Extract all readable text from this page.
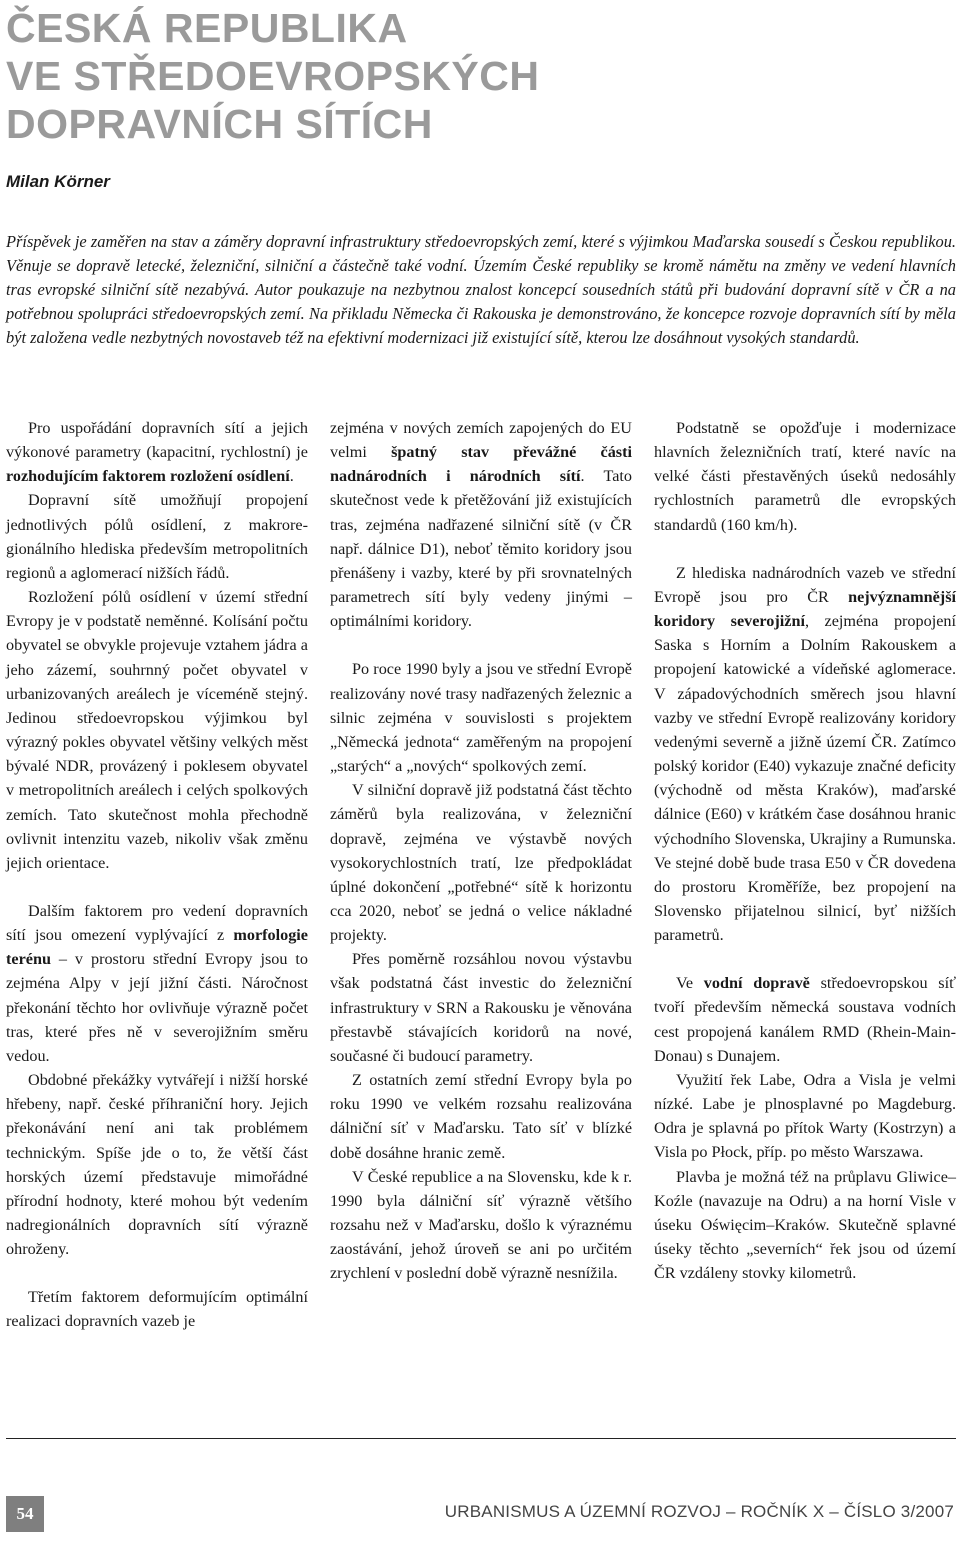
ČESKÁ REPUBLIKA
VE STŘEDOEVROPSKÝCH
DOPRAVNÍCH SÍTÍCH
Milan Körner

Příspěvek je zaměřen na stav a záměry dopravní infrastruktury středoevropských zemí, které s výjimkou Maďarska sousedí s Českou republikou. Věnuje se dopravě letecké, železniční, silniční a částečně také vodní. Územím České republiky se kromě námětu na změny ve vedení hlavních tras evropské silniční sítě nezabývá. Autor poukazuje na nezbytnou znalost koncepcí sousedních států při budování dopravní sítě v ČR a na potřebnou spolupráci středoevropských zemí. Na přikladu Německa či Rakouska je demonstrováno, že koncepce rozvoje dopravních sítí by měla být založena vedle nezbytných novostaveb též na efektivní modernizaci již existující sítě, kterou lze dosáhnout vysokých standardů.

Pro uspořádání dopravních sítí a jejich výkonové parametry (kapacitní, rychlostní) je rozhodujícím faktorem rozložení osídlení.

Dopravní sítě umožňují propojení jednotlivých pólů osídlení, z makroregionálního hlediska především metropolitních regionů a aglomerací nižších řádů.

Rozložení pólů osídlení v území střední Evropy je v podstatě neměnné. Kolísání počtu obyvatel se obvykle projevuje vztahem jádra a jeho zázemí, souhrnný počet obyvatel v urbanizovaných areálech je víceméně stejný. Jedinou středoevropskou výjimkou byl výrazný pokles obyvatel většiny velkých měst bývalé NDR, provázený i poklesem obyvatel v metropolitních areálech i celých spolkových zemích. Tato skutečnost mohla přechodně ovlivnit intenzitu vazeb, nikoliv však změnu jejich orientace.

Dalším faktorem pro vedení dopravních sítí jsou omezení vyplývající z morfologie terénu – v prostoru střední Evropy jsou to zejména Alpy v její jižní části. Náročnost překonání těchto hor ovlivňuje výrazně počet tras, které přes ně v severojižním směru vedou.

Obdobné překážky vytvářejí i nižší horské hřebeny, např. české příhraniční hory. Jejich překonávání není ani tak problémem technickým. Spíše jde o to, že větší část horských území představuje mimořádné přírodní hodnoty, které mohou být vedením nadregionálních dopravních sítí výrazně ohroženy.

Třetím faktorem deformujícím optimální realizaci dopravních vazeb je

zejména v nových zemích zapojených do EU velmi špatný stav převážné části nadnárodních i národních sítí. Tato skutečnost vede k přetěžování již existujících tras, zejména nadřazené silniční sítě (v ČR např. dálnice D1), neboť těmito koridory jsou přenášeny i vazby, které by při srovnatelných parametrech sítí byly vedeny jinými – optimálními koridory.

Po roce 1990 byly a jsou ve střední Evropě realizovány nové trasy nadřazených železnic a silnic zejména v souvislosti s projektem „Německá jednota“ zaměřeným na propojení „starých“ a „nových“ spolkových zemí.

V silniční dopravě již podstatná část těchto záměrů byla realizována, v železniční dopravě, zejména ve výstavbě nových vysokorychlostních tratí, lze předpokládat úplné dokončení „potřebné“ sítě k horizontu cca 2020, neboť se jedná o velice nákladné projekty.

Přes poměrně rozsáhlou novou výstavbu však podstatná část investic do železniční infrastruktury v SRN a Rakousku je věnována přestavbě stávajících koridorů na nové, současné či budoucí parametry.

Z ostatních zemí střední Evropy byla po roku 1990 ve velkém rozsahu realizována dálniční síť v Maďarsku. Tato síť v blízké době dosáhne hranic země.

V České republice a na Slovensku, kde k r. 1990 byla dálniční síť výrazně většího rozsahu než v Maďarsku, došlo k výraznému zaostávání, jehož úroveň se ani po určitém zrychlení v poslední době výrazně nesnížila.

Podstatně se opožďuje i modernizace hlavních železničních tratí, které navíc na velké části přestavěných úseků nedosáhly rychlostních parametrů dle evropských standardů (160 km/h).

Z hlediska nadnárodních vazeb ve střední Evropě jsou pro ČR nejvýznamnější koridory severojižní, zejména propojení Saska s Horním a Dolním Rakouskem a propojení katowické a vídeňské aglomerace. V západovýchodních směrech jsou hlavní vazby ve střední Evropě realizovány koridory vedenými severně a jižně území ČR. Zatímco polský koridor (E40) vykazuje značné deficity (východně od města Kraków), maďarské dálnice (E60) v krátkém čase dosáhnou hranic východního Slovenska, Ukrajiny a Rumunska. Ve stejné době bude trasa E50 v ČR dovedena do prostoru Kroměříže, bez propojení na Slovensko přijatelnou silnicí, byť nižších parametrů.

Ve vodní dopravě středoevropskou síť tvoří především německá soustava vodních cest propojená kanálem RMD (Rhein-Main-Donau) s Dunajem.

Využití řek Labe, Odra a Visla je velmi nízké. Labe je plnosplavné po Magdeburg. Odra je splavná po přítok Warty (Kostrzyn) a Visla po Płock, příp. po město Warszawa.

Plavba je možná též na průplavu Gliwice–Koźle (navazuje na Odru) a na horní Visle v úseku Oświęcim–Kraków. Skutečně splavné úseky těchto „severních“ řek jsou od území ČR vzdáleny stovky kilometrů.

54	URBANISMUS A ÚZEMNÍ ROZVOJ – ROČNÍK X – ČÍSLO 3/2007
